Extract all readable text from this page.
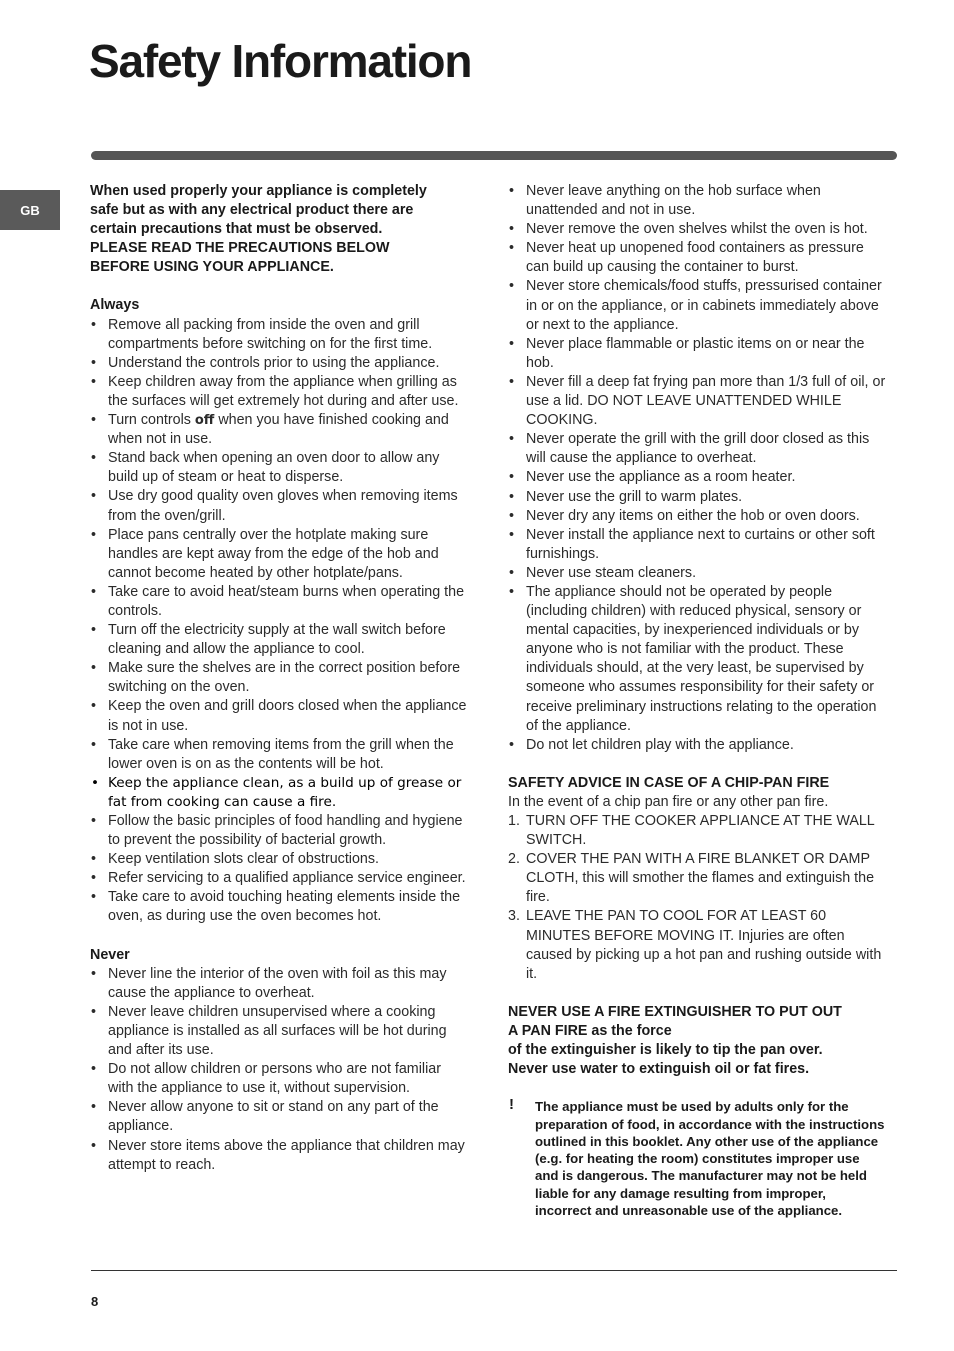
Safety Information
GB

When used properly your appliance is completely

safe but as with any electrical product there are

certain precautions that must be observed.

PLEASE READ THE PRECAUTIONS BELOW

BEFORE USING YOUR APPLIANCE.

Always
• Remove all packing from inside the oven and grill compartments before switching on for the first time.
• Understand the controls prior to using the appliance.
• Keep children away from the appliance when grilling as the surfaces will get extremely hot during and after use.
• Turn controls off when you have finished cooking and when not in use.
• Stand back when opening an oven door to allow any build up of steam or heat to disperse.
• Use dry good quality oven gloves when removing items from the oven/grill.
• Place pans centrally over the hotplate making sure handles are kept away from the edge of the hob and cannot become heated by other hotplate/pans.
• Take care to avoid heat/steam burns when operating the controls.
• Turn off the electricity supply at the wall switch before cleaning and allow the appliance to cool.
• Make sure the shelves are in the correct position before switching on the oven.
• Keep the oven and grill doors closed when the appliance is not in use.
• Take care when removing items from the grill when the lower oven is on as the contents will be hot.
• Keep the appliance clean, as a build up of grease or fat from cooking can cause a fire.
• Follow the basic principles of food handling and hygiene to prevent the possibility of bacterial growth.
• Keep ventilation slots clear of obstructions.
• Refer servicing to a qualified appliance service engineer.
• Take care to avoid touching heating elements inside the oven, as during use the oven becomes hot.
Never
• Never line the interior of the oven with foil as this may cause the appliance to overheat.
• Never leave children unsupervised where a cooking appliance is installed as all surfaces will be hot during and after its use.
• Do not allow children or persons who are not familiar with the appliance to use it, without supervision.
• Never allow anyone to sit or stand on any part of the appliance.
• Never store items above the appliance that children may attempt to reach.
• Never leave anything on the hob surface when unattended and not in use.
• Never remove the oven shelves whilst the oven is hot.
• Never heat up unopened food containers as pressure can build up causing the container to burst.
• Never store chemicals/food stuffs, pressurised container in or on the appliance, or in cabinets immediately above or next to the appliance.
• Never place flammable or plastic items on or near the hob.
• Never fill a deep fat frying pan more than 1/3 full of oil, or use a lid. DO NOT LEAVE UNATTENDED WHILE COOKING.
• Never operate the grill with the grill door closed as this will cause the appliance to overheat.
• Never use the appliance as a room heater.
• Never use the grill to warm plates.
• Never dry any items on either the hob or oven doors.
• Never install the appliance next to curtains or other soft furnishings.
• Never use steam cleaners.
• The appliance should not be operated by people (including children) with reduced physical, sensory or mental capacities, by inexperienced individuals or by anyone who is not familiar with the product. These individuals should, at the very least, be supervised by someone who assumes responsibility for their safety or receive preliminary instructions relating to the operation of the appliance.
• Do not let children play with the appliance.
SAFETY ADVICE IN CASE OF A CHIP-PAN FIRE

In the event of a chip pan fire or any other pan fire.

1. TURN OFF THE COOKER APPLIANCE AT THE WALL SWITCH.
2. COVER THE PAN WITH A FIRE BLANKET OR DAMP CLOTH, this will smother the flames and extinguish the fire.
3. LEAVE THE PAN TO COOL FOR AT LEAST 60 MINUTES BEFORE MOVING IT. Injuries are often caused by picking up a hot pan and rushing outside with it.

NEVER USE A FIRE EXTINGUISHER TO PUT OUT

A PAN FIRE as the force

of the extinguisher is likely to tip the pan over.

Never use water to extinguish oil or fat fires.

! The appliance must be used by adults only for the preparation of food, in accordance with the instructions outlined in this booklet. Any other use of the appliance (e.g. for heating the room) constitutes improper use and is dangerous. The manufacturer may not be held liable for any damage resulting from improper, incorrect and unreasonable use of the appliance.
8
